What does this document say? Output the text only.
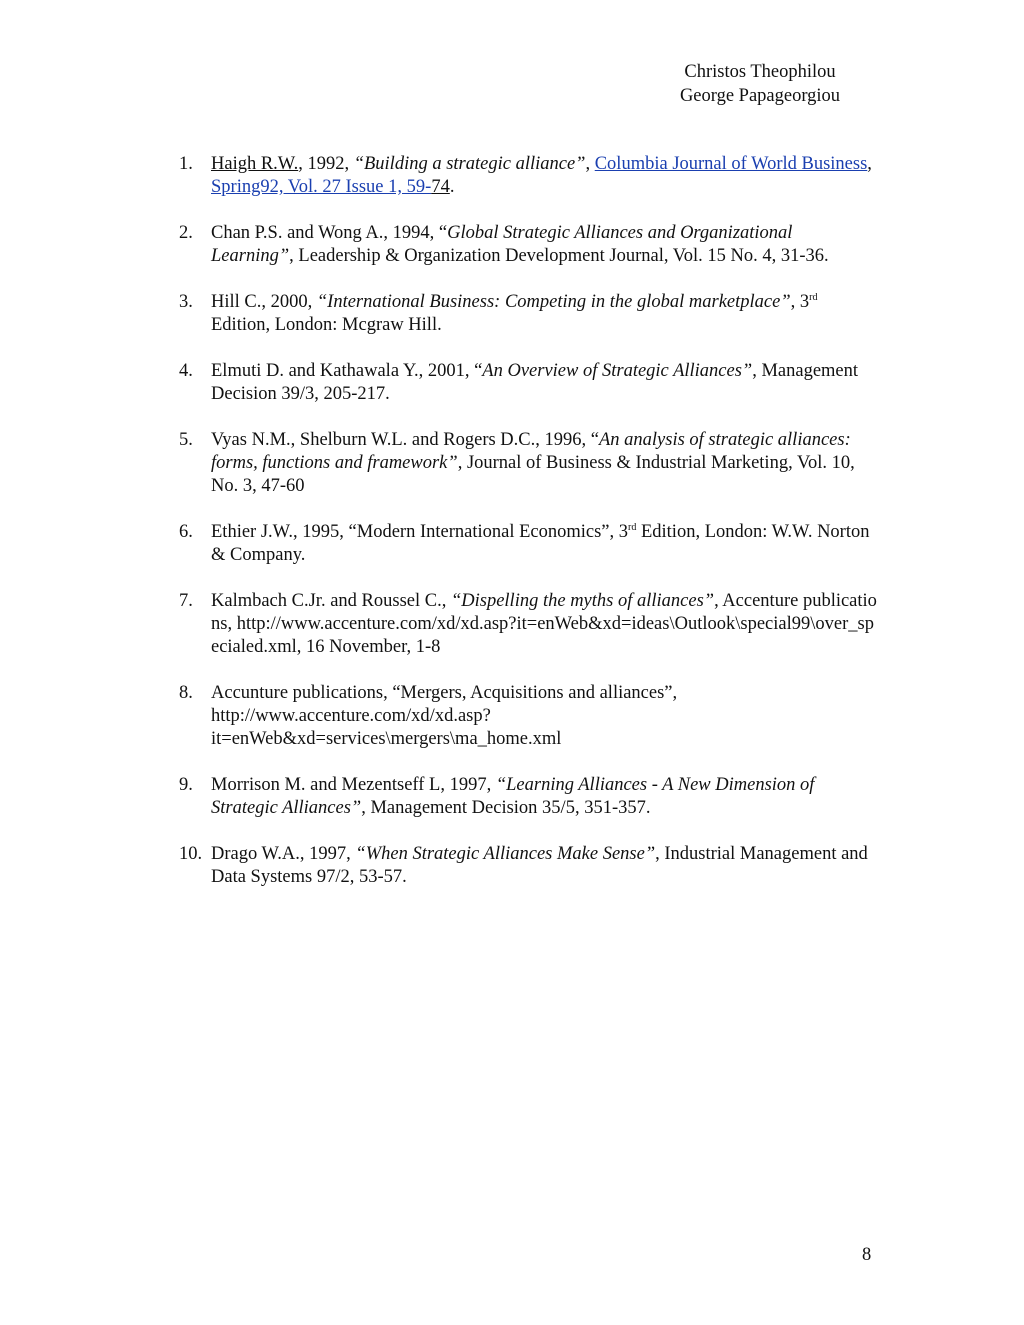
Christos Theophilou
George Papageorgiou
1. Haigh R.W., 1992, “Building a strategic alliance”, Columbia Journal of World Business, Spring92, Vol. 27 Issue 1, 59-74.
2. Chan P.S. and Wong A., 1994, “Global Strategic Alliances and Organizational Learning”, Leadership & Organization Development Journal, Vol. 15 No. 4, 31-36.
3. Hill C., 2000, “International Business: Competing in the global marketplace”, 3rd Edition, London: Mcgraw Hill.
4. Elmuti D. and Kathawala Y., 2001, “An Overview of Strategic Alliances”, Management Decision 39/3, 205-217.
5. Vyas N.M., Shelburn W.L. and Rogers D.C., 1996, “An analysis of strategic alliances: forms, functions and framework”, Journal of Business & Industrial Marketing, Vol. 10, No. 3, 47-60
6. Ethier J.W., 1995, “Modern International Economics”, 3rd Edition, London: W.W. Norton & Company.
7. Kalmbach C.Jr. and Roussel C., “Dispelling the myths of alliances”, Accenture publications, http://www.accenture.com/xd/xd.asp?it=enWeb&xd=ideas\Outlook\special99\over_specialed.xml, 16 November, 1-8
8. Accunture publications, “Mergers, Acquisitions and alliances”,
http://www.accenture.com/xd/xd.asp?
it=enWeb&xd=services\mergers\ma_home.xml
9. Morrison M. and Mezentseff L, 1997, “Learning Alliances - A New Dimension of Strategic Alliances”, Management Decision 35/5, 351-357.
10. Drago W.A., 1997, “When Strategic Alliances Make Sense”, Industrial Management and Data Systems 97/2, 53-57.
8
